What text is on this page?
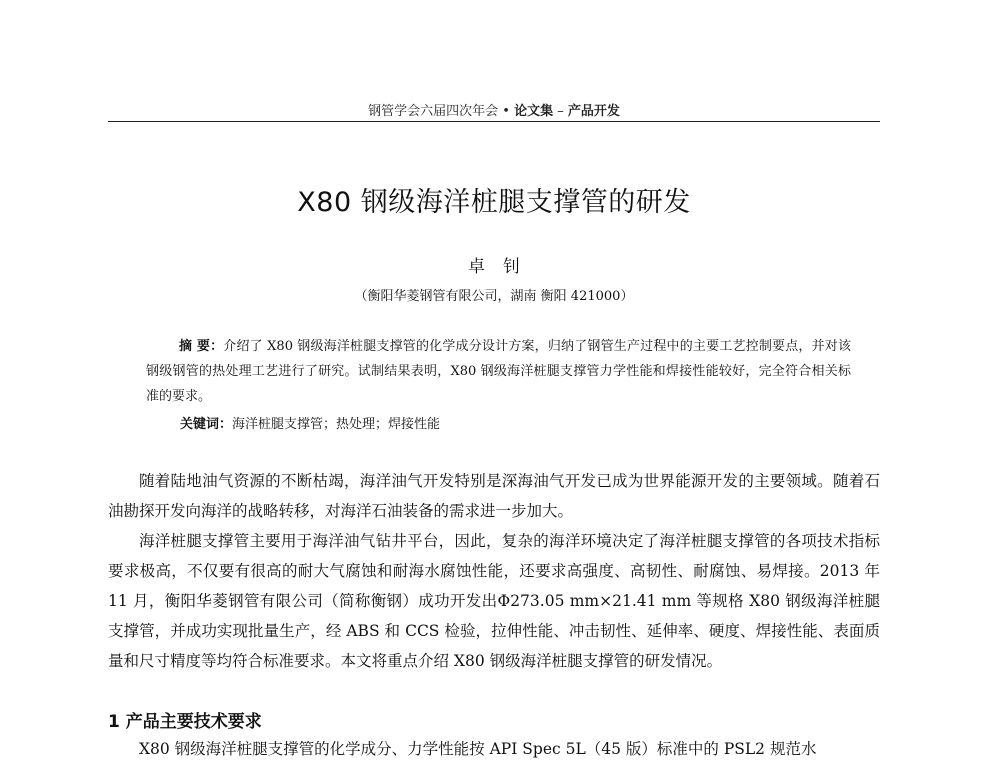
钢管学会六届四次年会 • 论文集 – 产品开发
X80 钢级海洋桩腿支撑管的研发
卓钊
（衡阳华菱钢管有限公司，湖南 衡阳 421000）
摘 要：介绍了 X80 钢级海洋桩腿支撑管的化学成分设计方案，归纳了钢管生产过程中的主要工艺控制要点，并对该钢级钢管的热处理工艺进行了研究。试制结果表明，X80 钢级海洋桩腿支撑管力学性能和焊接性能较好，完全符合相关标准的要求。
关键词：海洋桩腿支撑管；热处理；焊接性能

随着陆地油气资源的不断枯竭，海洋油气开发特别是深海油气开发已成为世界能源开发的主要领域。随着石油勘探开发向海洋的战略转移，对海洋石油装备的需求进一步加大。

海洋桩腿支撑管主要用于海洋油气钻井平台，因此，复杂的海洋环境决定了海洋桩腿支撑管的各项技术指标要求极高，不仅要有很高的耐大气腐蚀和耐海水腐蚀性能，还要求高强度、高韧性、耐腐蚀、易焊接。2013 年 11 月，衡阳华菱钢管有限公司（简称衡钢）成功开发出Φ273.05 mm×21.41 mm 等规格 X80 钢级海洋桩腿支撑管，并成功实现批量生产，经 ABS 和 CCS 检验，拉伸性能、冲击韧性、延伸率、硬度、焊接性能、表面质量和尺寸精度等均符合标准要求。本文将重点介绍 X80 钢级海洋桩腿支撑管的研发情况。

1 产品主要技术要求
X80 钢级海洋桩腿支撑管的化学成分、力学性能按 API Spec 5L（45 版）标准中的 PSL2 规范水
